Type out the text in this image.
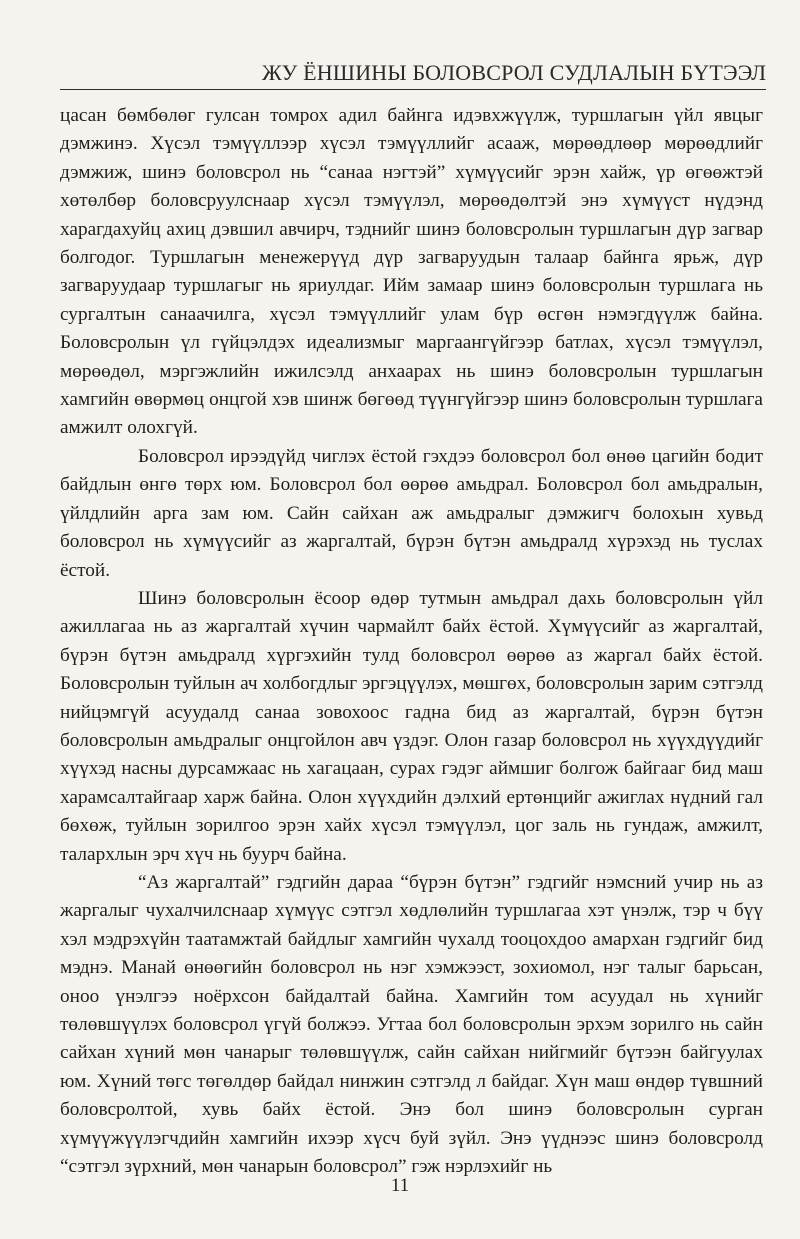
ЖУ ЁНШИНЫ БОЛОВСРОЛ СУДЛАЛЫН БҮТЭЭЛ

цасан бөмбөлөг гулсан томрох адил байнга идэвхжүүлж, туршлагын үйл явцыг дэмжинэ. Хүсэл тэмүүллээр хүсэл тэмүүллийг асааж, мөрөөдлөөр мөрөөдлийг дэмжиж, шинэ боловсрол нь “санаа нэгтэй” хүмүүсийг эрэн хайж, үр өгөөжтэй хөтөлбөр боловсруулснаар хүсэл тэмүүлэл, мөрөөдөлтэй энэ хүмүүст нүдэнд харагдахуйц ахиц дэвшил авчирч, тэднийг шинэ боловсролын туршлагын дүр загвар болгодог. Туршлагын менежерүүд дүр загваруудын талаар байнга ярьж, дүр загваруудаар туршлагыг нь яриулдаг. Ийм замаар шинэ боловсролын туршлага нь сургалтын санаачилга, хүсэл тэмүүллийг улам бүр өсгөн нэмэгдүүлж байна. Боловсролын үл гүйцэлдэх идеализмыг маргаангүйгээр батлах, хүсэл тэмүүлэл, мөрөөдөл, мэргэжлийн ижилсэлд анхаарах нь шинэ боловсролын туршлагын хамгийн өвөрмөц онцгой хэв шинж бөгөөд түүнгүйгээр шинэ боловсролын туршлага амжилт олохгүй.

Боловсрол ирээдүйд чиглэх ёстой гэхдээ боловсрол бол өнөө цагийн бодит байдлын өнгө төрх юм. Боловсрол бол өөрөө амьдрал. Боловсрол бол амьдралын, үйлдлийн арга зам юм. Сайн сайхан аж амьдралыг дэмжигч болохын хувьд боловсрол нь хүмүүсийг аз жаргалтай, бүрэн бүтэн амьдралд хүрэхэд нь туслах ёстой.

Шинэ боловсролын ёсоор өдөр тутмын амьдрал дахь боловсролын үйл ажиллагаа нь аз жаргалтай хүчин чармайлт байх ёстой. Хүмүүсийг аз жаргалтай, бүрэн бүтэн амьдралд хүргэхийн тулд боловсрол өөрөө аз жаргал байх ёстой. Боловсролын туйлын ач холбогдлыг эргэцүүлэх, мөшгөх, боловсролын зарим сэтгэлд нийцэмгүй асуудалд санаа зовохоос гадна бид аз жаргалтай, бүрэн бүтэн боловсролын амьдралыг онцгойлон авч үздэг. Олон газар боловсрол нь хүүхдүүдийг хүүхэд насны дурсамжаас нь хагацаан, сурах гэдэг аймшиг болгож байгааг бид маш харамсалтайгаар харж байна. Олон хүүхдийн дэлхий ертөнцийг ажиглах нүдний гал бөхөж, туйлын зорилгоо эрэн хайх хүсэл тэмүүлэл, цог заль нь гундаж, амжилт, талархлын эрч хүч нь буурч байна.

“Аз жаргалтай” гэдгийн дараа “бүрэн бүтэн” гэдгийг нэмсний учир нь аз жаргалыг чухалчилснаар хүмүүс сэтгэл хөдлөлийн туршлагаа хэт үнэлж, тэр ч бүү хэл мэдрэхүйн таатамжтай байдлыг хамгийн чухалд тооцохдоо амархан гэдгийг бид мэднэ. Манай өнөөгийн боловсрол нь нэг хэмжээст, зохиомол, нэг талыг барьсан, оноо үнэлгээ ноёрхсон байдалтай байна. Хамгийн том асуудал нь хүнийг төлөвшүүлэх боловсрол үгүй болжээ. Угтаа бол боловсролын эрхэм зорилго нь сайн сайхан хүний мөн чанарыг төлөвшүүлж, сайн сайхан нийгмийг бүтээн байгуулах юм. Хүний төгс төгөлдөр байдал нинжин сэтгэлд л байдаг. Хүн маш өндөр түвшний боловсролтой, хувь байх ёстой. Энэ бол шинэ боловсролын сурган хүмүүжүүлэгчдийн хамгийн ихээр хүсч буй зүйл. Энэ үүднээс шинэ боловсролд “сэтгэл зүрхний, мөн чанарын боловсрол” гэж нэрлэхийг нь

11
